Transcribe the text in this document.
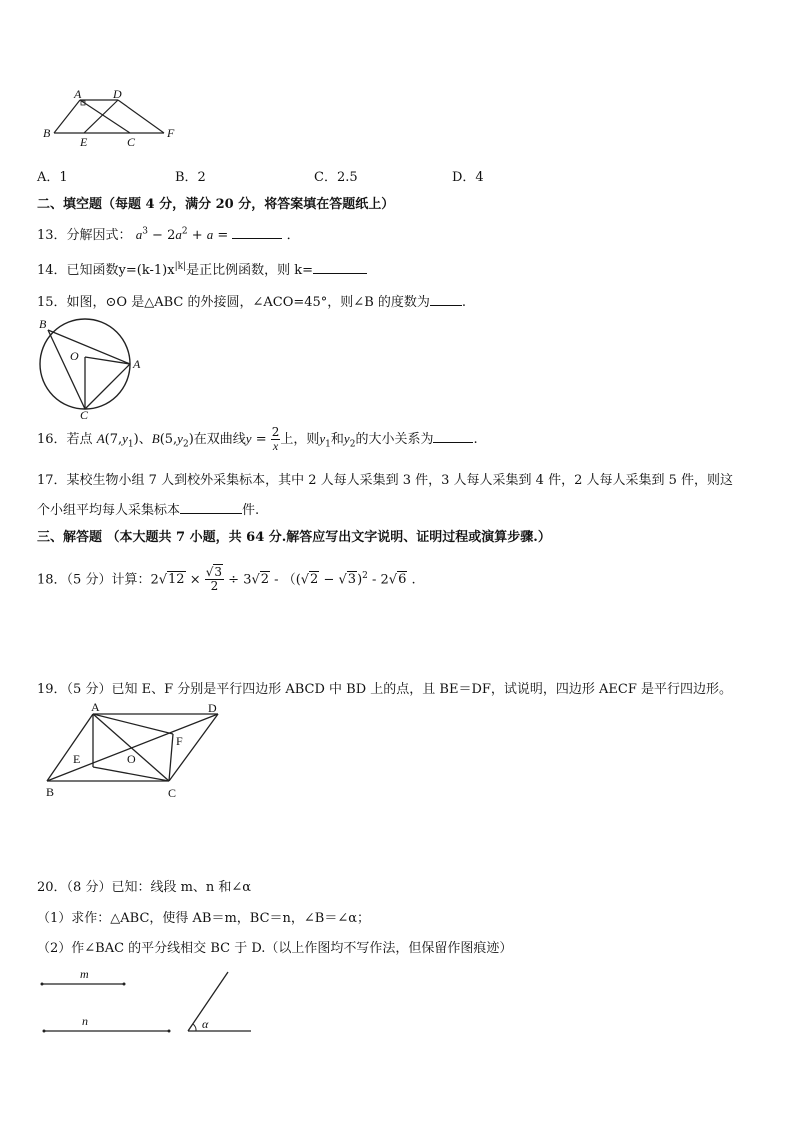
A	D
B
E	C
F
A．1	B．2	C．2.5	D．4
二、填空题（每题 4 分，满分 20 分，将答案填在答题纸上）
13．分解因式： $a^3 - 2a^2 + a$ =	．
14．已知函数$y=(k-1)x^{|k|}$是正比例函数，则 k=
15．如图，⊙O 是△ABC 的外接圆，∠ACO=45°，则∠B 的度数为 .
B
O
A
C
16．若点 $A(7,y_1)$、$B(5,y_2)$在双曲线$y = \frac{2}{x}$ 上，则$y_1$和$y_2$的大小关系为	.
17．某校生物小组 7 人到校外采集标本，其中 2 人每人采集到 3 件，3 人每人采集到 4 件，2 人每人采集到 5 件，则这
个小组平均每人采集标本	件.
三、解答题 （本大题共 7 小题，共 64 分.解答应写出文字说明、证明过程或演算步骤.）
18．（5 分）计算：$2√12 \times \frac{√3}{2} \div 3√2 - ((√2 - √3)^2 - 2√6$ .
19．（5 分）已知 E、F 分别是平行四边形 ABCD 中 BD 上的点，且 BE＝DF，试说明，四边形 AECF 是平行四边形。
A	D
F
E	O
B	C
20．（8 分）已知：线段 m、n 和∠α
（1）求作：△ABC，使得 AB＝m，BC＝n，∠B＝∠α；
（2）作∠BAC 的平分线相交 BC 于 D.（以上作图均不写作法，但保留作图痕迹）
m
n	α
